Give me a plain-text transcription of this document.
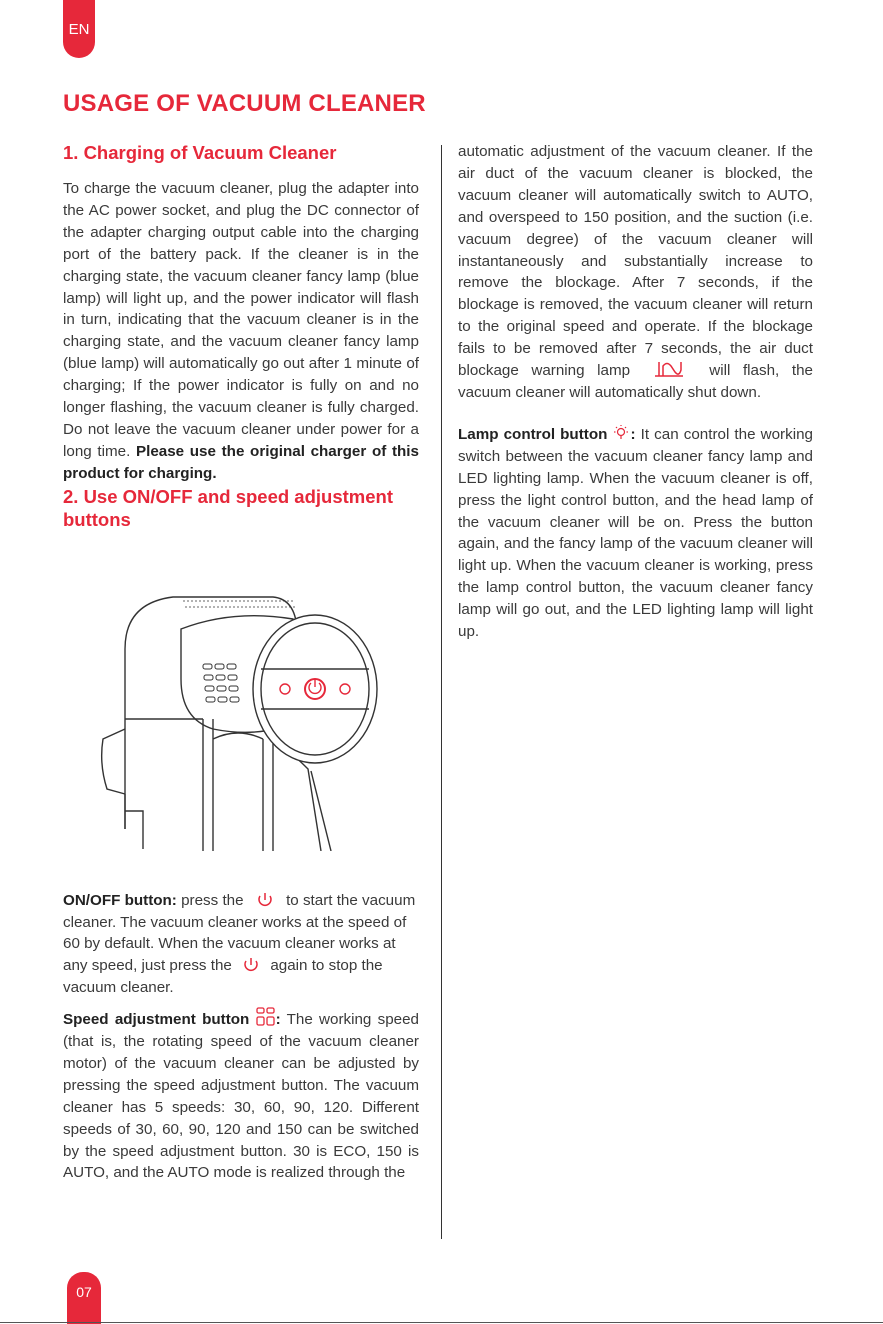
EN
USAGE OF VACUUM CLEANER
1. Charging of Vacuum Cleaner

To charge the vacuum cleaner, plug the adapter into the AC power socket, and plug the DC connector of the adapter charging output cable into the charging port of the battery pack. If the cleaner is in the charging state, the vacuum cleaner fancy lamp (blue lamp) will light up, and the power indicator will flash in turn, indicating that the vacuum cleaner is in the charging state, and the vacuum cleaner fancy lamp (blue lamp) will automatically go out after 1 minute of charging; If the power indicator is fully on and no longer flashing, the vacuum cleaner is fully charged. Do not leave the vacuum cleaner under power for a long time. Please use the original charger of this product for charging.

2. Use ON/OFF and speed adjustment buttons

ON/OFF button: press the	to start the vacuum cleaner. The vacuum cleaner works at the speed of 60 by default. When the vacuum cleaner works at any speed, just press the	again to stop the vacuum cleaner.

Speed adjustment button : The working speed (that is, the rotating speed of the vacuum cleaner motor) of the vacuum cleaner can be adjusted by pressing the speed adjustment button. The vacuum cleaner has 5 speeds: 30, 60, 90, 120. Different speeds of 30, 60, 90, 120 and 150 can be switched by the speed adjustment button. 30 is ECO, 150 is AUTO, and the AUTO mode is realized through the

automatic adjustment of the vacuum cleaner. If the air duct of the vacuum cleaner is blocked, the vacuum cleaner will automatically switch to AUTO, and overspeed to 150 position, and the suction (i.e. vacuum degree) of the vacuum cleaner will instantaneously and substantially increase to remove the blockage. After 7 seconds, if the blockage is removed, the vacuum cleaner will return to the original speed and operate. If the blockage fails to be removed after 7 seconds, the air duct blockage warning lamp	will flash, the vacuum cleaner will automatically shut down.

Lamp control button : It can control the working switch between the vacuum cleaner fancy lamp and LED lighting lamp. When the vacuum cleaner is off, press the light control button, and the head lamp of the vacuum cleaner will be on. Press the button again, and the fancy lamp of the vacuum cleaner will light up. When the vacuum cleaner is working, press the lamp control button, the vacuum cleaner fancy lamp will go out, and the LED lighting lamp will light up.

07
